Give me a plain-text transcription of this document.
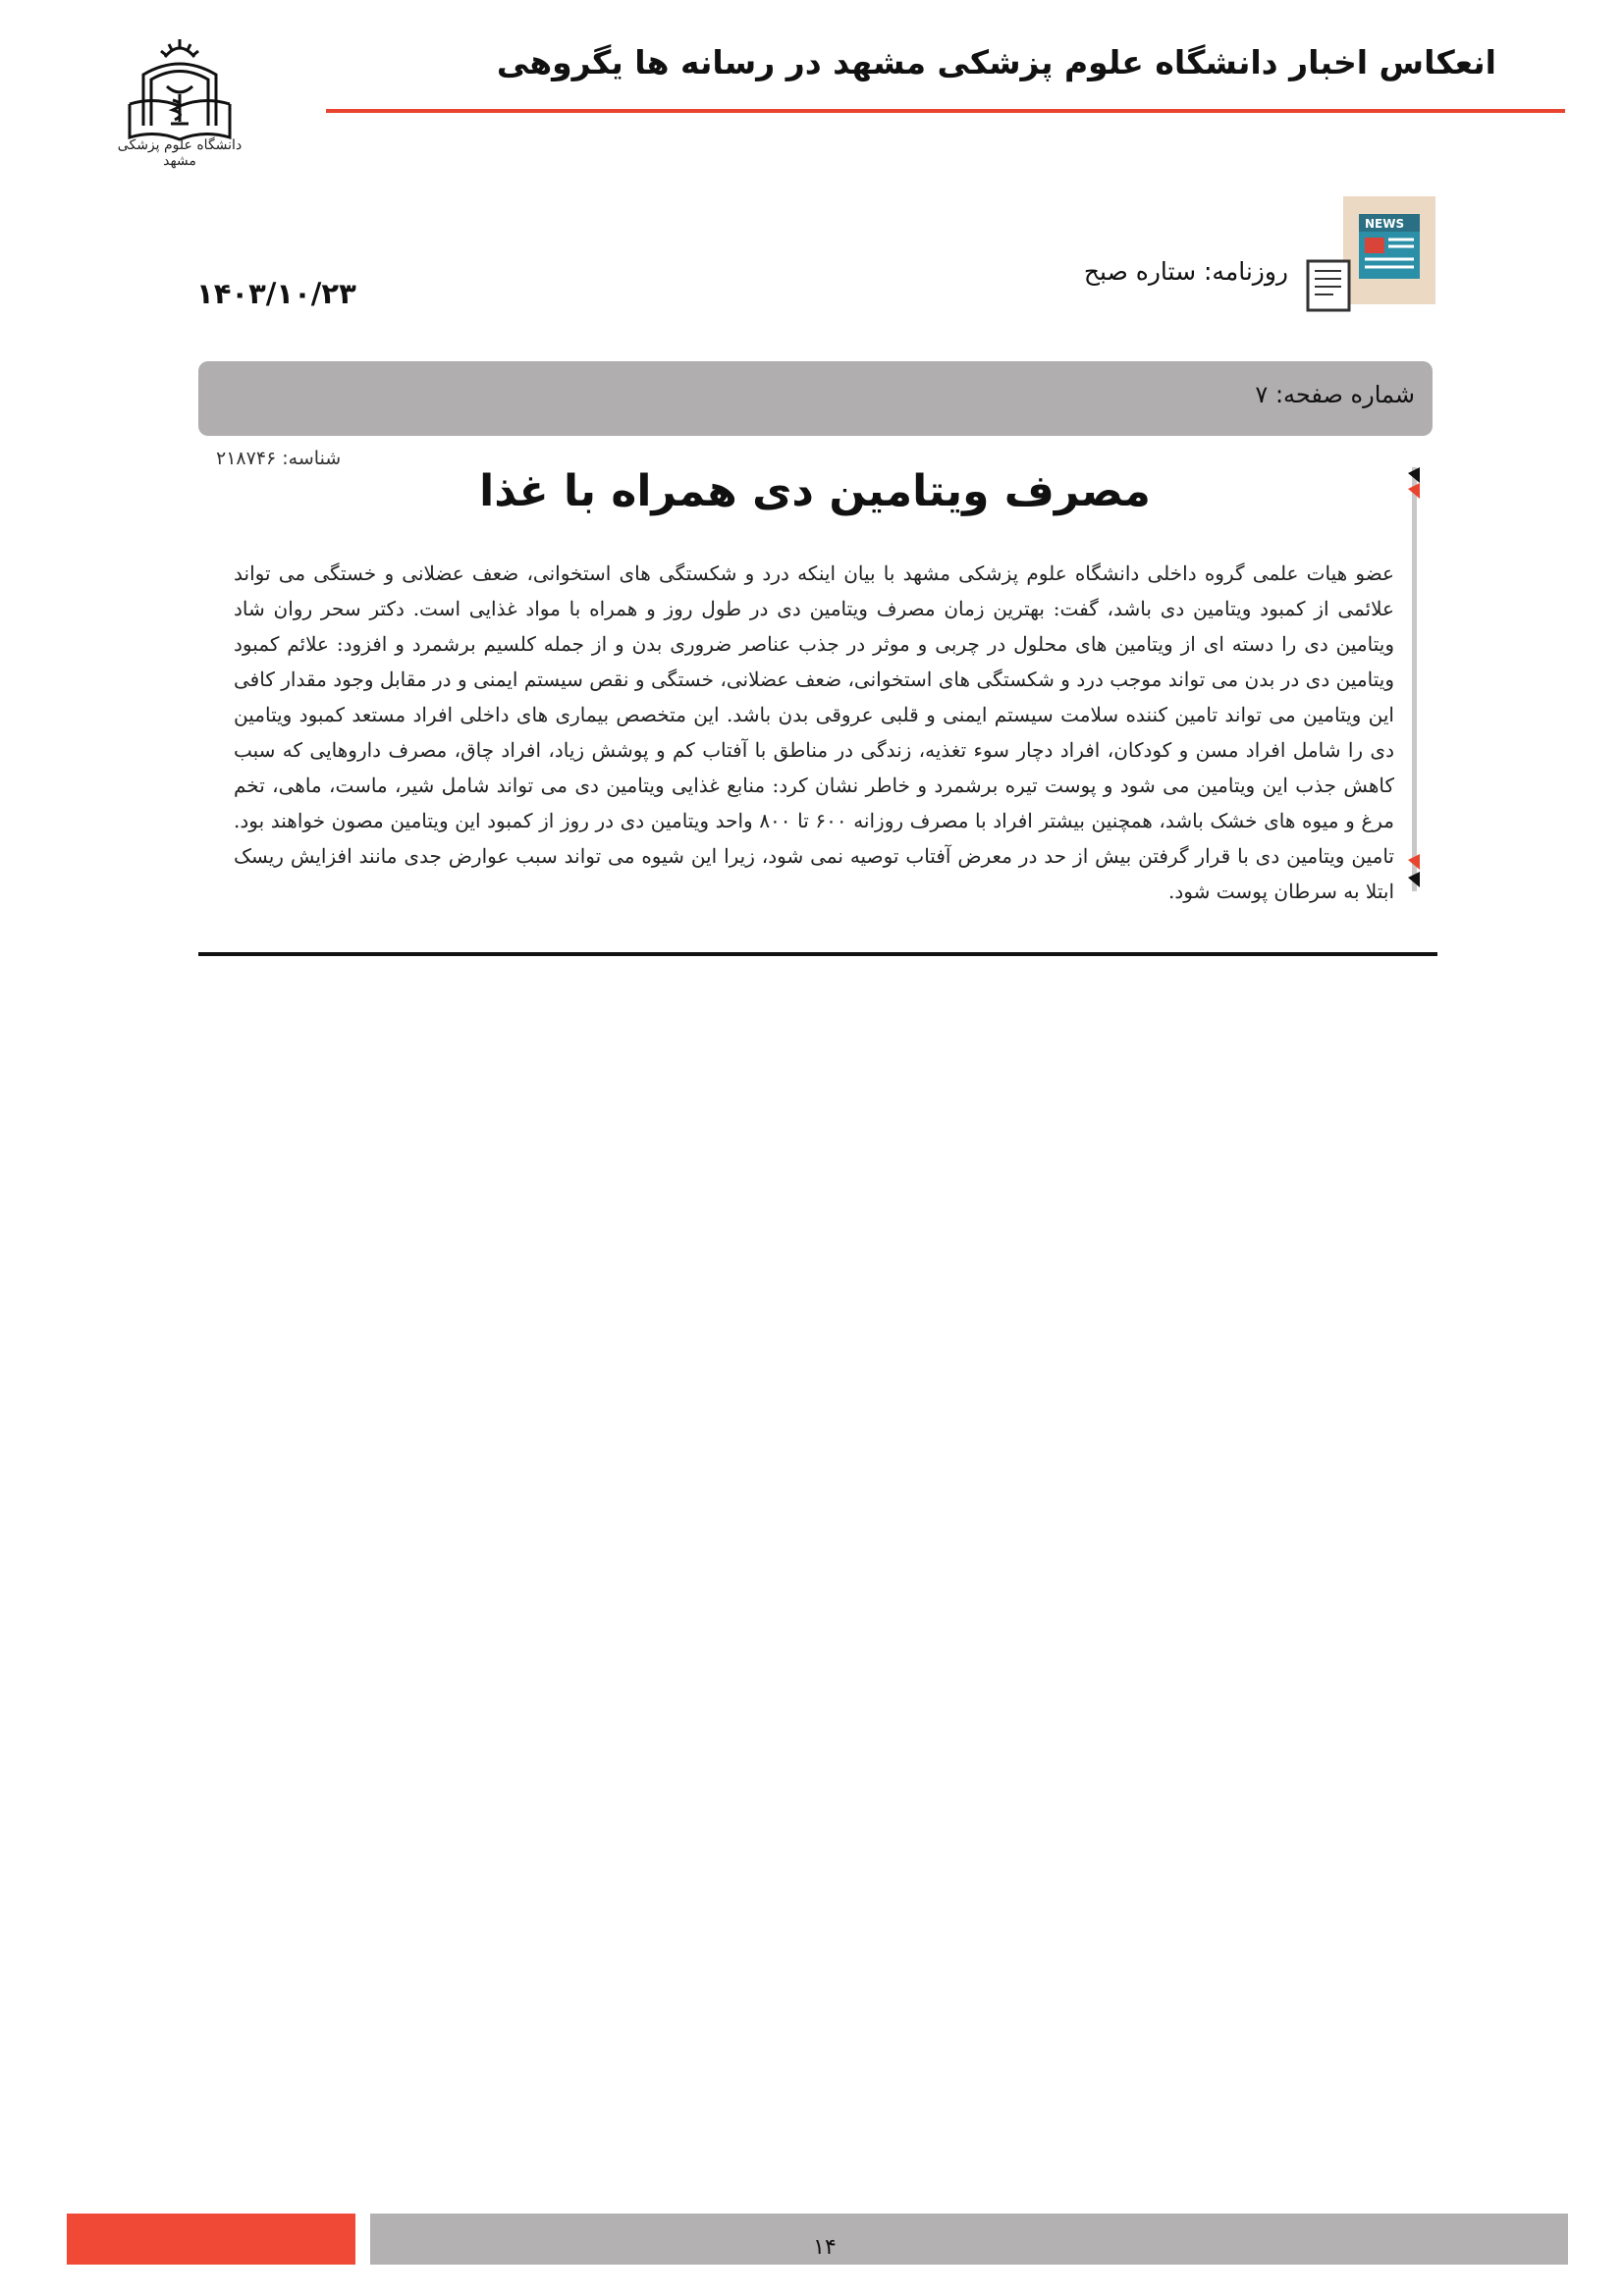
انعکاس اخبار دانشگاه علوم پزشکی مشهد در رسانه ها یگروهی
دانشگاه علوم پزشکی مشهد
NEWS
روزنامه: ستاره صبح
۱۴۰۳/۱۰/۲۳
شماره صفحه: ۷
شناسه: ۲۱۸۷۴۶
مصرف ویتامین دی همراه با غذا

عضو هیات علمی گروه داخلی دانشگاه علوم پزشکی مشهد با بیان اینکه درد و شکستگی های استخوانی، ضعف عضلانی و خستگی می تواند علائمی از کمبود ویتامین دی باشد، گفت: بهترین زمان مصرف ویتامین دی در طول روز و همراه با مواد غذایی است. دکتر سحر روان شاد ویتامین دی را دسته ای از ویتامین های محلول در چربی و موثر در جذب عناصر ضروری بدن و از جمله کلسیم برشمرد و افزود: علائم کمبود ویتامین دی در بدن می تواند موجب درد و شکستگی های استخوانی، ضعف عضلانی، خستگی و نقص سیستم ایمنی و در مقابل وجود مقدار کافی این ویتامین می تواند تامین کننده سلامت سیستم ایمنی و قلبی عروقی بدن باشد. این متخصص بیماری های داخلی افراد مستعد کمبود ویتامین دی را شامل افراد مسن و کودکان، افراد دچار سوء تغذیه، زندگی در مناطق با آفتاب کم و پوشش زیاد، افراد چاق، مصرف داروهایی که سبب کاهش جذب این ویتامین می شود و پوست تیره برشمرد و خاطر نشان کرد: منابع غذایی ویتامین دی می تواند شامل شیر، ماست، ماهی، تخم مرغ و میوه های خشک باشد، همچنین بیشتر افراد با مصرف روزانه ۶۰۰ تا ۸۰۰ واحد ویتامین دی در روز از کمبود این ویتامین مصون خواهند بود. تامین ویتامین دی با قرار گرفتن بیش از حد در معرض آفتاب توصیه نمی شود، زیرا این شیوه می تواند سبب عوارض جدی مانند افزایش ریسک ابتلا به سرطان پوست شود.

۱۴
